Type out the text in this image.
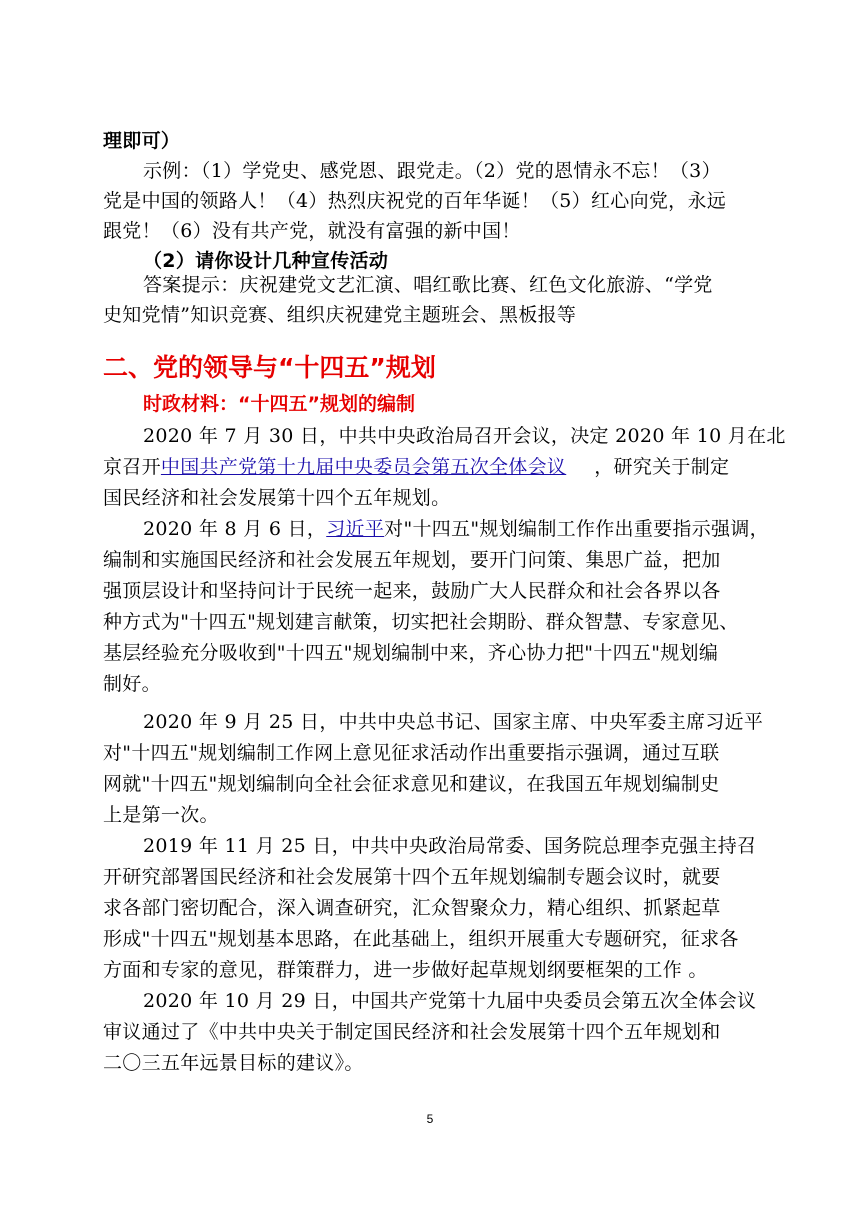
理即可）
示例：（1）学党史、感党恩、跟党走。（2）党的恩情永不忘！（3）
党是中国的领路人！（4）热烈庆祝党的百年华诞！（5）红心向党，永远
跟党！（6）没有共产党，就没有富强的新中国！
（2）请你设计几种宣传活动
答案提示：庆祝建党文艺汇演、唱红歌比赛、红色文化旅游、“学党
史知党情”知识竞赛、组织庆祝建党主题班会、黑板报等
二、党的领导与“十四五”规划
时政材料：“十四五”规划的编制
2020 年 7 月 30 日，中共中央政治局召开会议，决定 2020 年 10 月在北
京召开中国共产党第十九届中央委员会第五次全体会议 ，研究关于制定
国民经济和社会发展第十四个五年规划。
2020 年 8 月 6 日，习近平对"十四五"规划编制工作作出重要指示强调，
编制和实施国民经济和社会发展五年规划，要开门问策、集思广益，把加
强顶层设计和坚持问计于民统一起来，鼓励广大人民群众和社会各界以各
种方式为"十四五"规划建言献策，切实把社会期盼、群众智慧、专家意见、
基层经验充分吸收到"十四五"规划编制中来，齐心协力把"十四五"规划编
制好。
2020 年 9 月 25 日，中共中央总书记、国家主席、中央军委主席习近平
对"十四五"规划编制工作网上意见征求活动作出重要指示强调，通过互联
网就"十四五"规划编制向全社会征求意见和建议，在我国五年规划编制史
上是第一次。
2019 年 11 月 25 日，中共中央政治局常委、国务院总理李克强主持召
开研究部署国民经济和社会发展第十四个五年规划编制专题会议时，就要
求各部门密切配合，深入调查研究，汇众智聚众力，精心组织、抓紧起草
形成"十四五"规划基本思路，在此基础上，组织开展重大专题研究，征求各
方面和专家的意见，群策群力，进一步做好起草规划纲要框架的工作 。
2020 年 10 月 29 日，中国共产党第十九届中央委员会第五次全体会议
审议通过了《中共中央关于制定国民经济和社会发展第十四个五年规划和
二〇三五年远景目标的建议》。
5
